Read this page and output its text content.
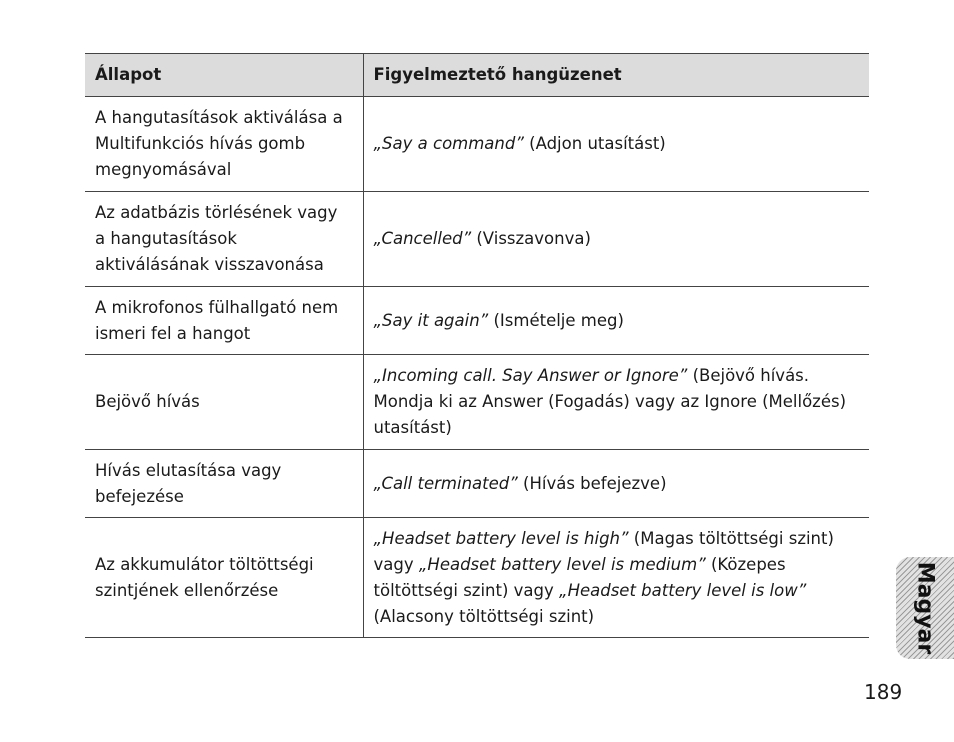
Állapot	Figyelmeztető hangüzenet
A hangutasítások aktiválása a Multifunkciós hívás gomb megnyomásával	„Say a command” (Adjon utasítást)
Az adatbázis törlésének vagy a hangutasítások aktiválásának visszavonása	„Cancelled” (Visszavonva)
A mikrofonos fülhallgató nem ismeri fel a hangot	„Say it again” (Ismételje meg)
Bejövő hívás	„Incoming call. Say Answer or Ignore” (Bejövő hívás. Mondja ki az Answer (Fogadás) vagy az Ignore (Mellőzés) utasítást)
Hívás elutasítása vagy befejezése	„Call terminated” (Hívás befejezve)
Az akkumulátor töltöttségi szintjének ellenőrzése	„Headset battery level is high” (Magas töltöttségi szint) vagy „Headset battery level is medium” (Közepes töltöttségi szint) vagy „Headset battery level is low” (Alacsony töltöttségi szint)	Magyar
189
